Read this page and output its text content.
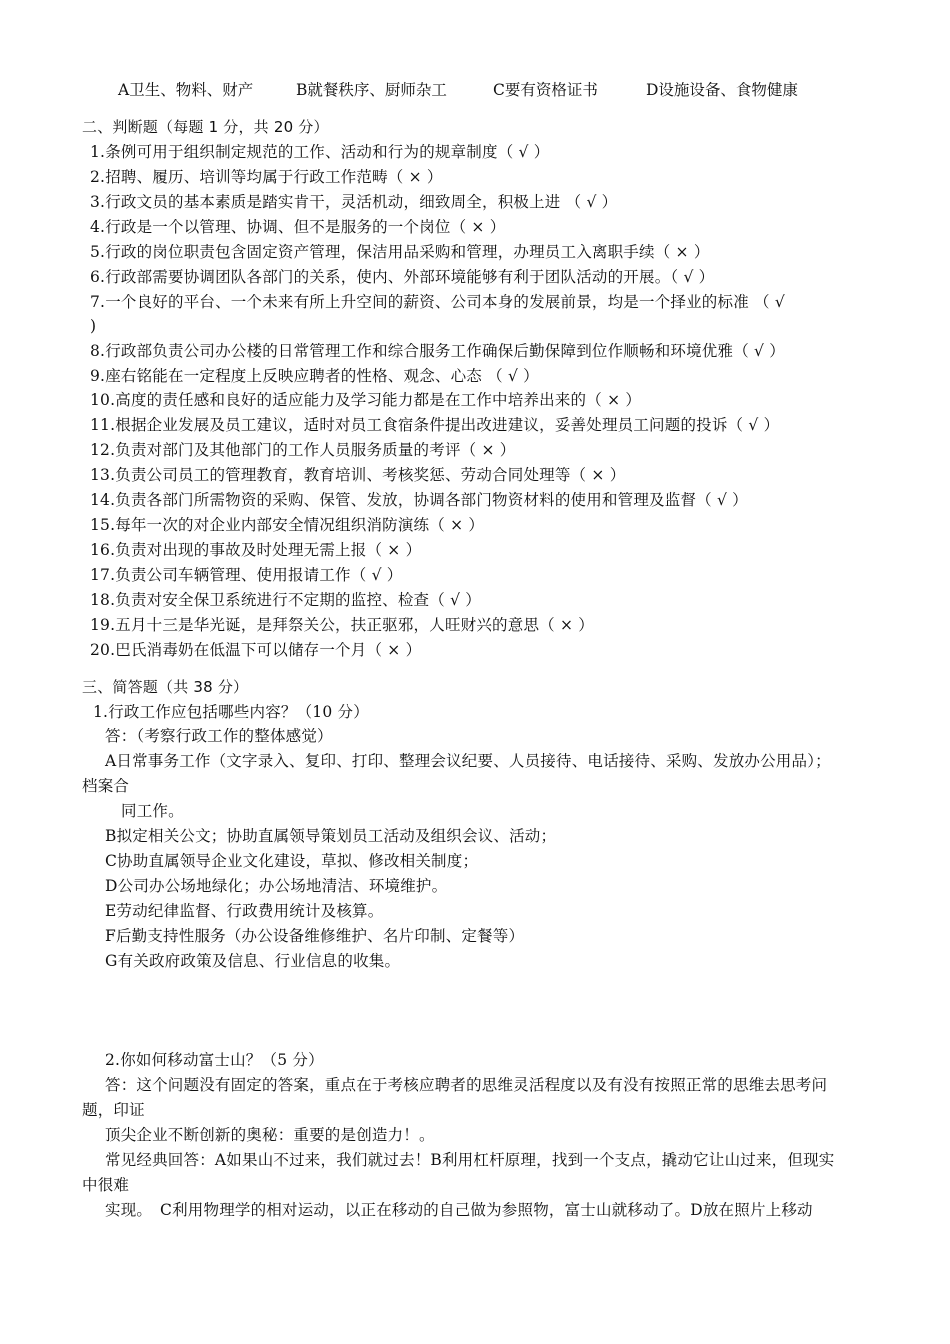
A卫生、物料、财产	B就餐秩序、厨师杂工	C要有资格证书	D设施设备、食物健康
二、判断题（每题 1 分，共 20 分）
1.条例可用于组织制定规范的工作、活动和行为的规章制度（ √ ）
2.招聘、履历、培训等均属于行政工作范畴（ × ）
3.行政文员的基本素质是踏实肯干，灵活机动，细致周全，积极上进 （ √ ）
4.行政是一个以管理、协调、但不是服务的一个岗位（ × ）
5.行政的岗位职责包含固定资产管理，保洁用品采购和管理，办理员工入离职手续（ × ）
6.行政部需要协调团队各部门的关系，使内、外部环境能够有利于团队活动的开展。（ √ ）
7.一个良好的平台、一个未来有所上升空间的薪资、公司本身的发展前景，均是一个择业的标准 （ √
)
8.行政部负责公司办公楼的日常管理工作和综合服务工作确保后勤保障到位作顺畅和环境优雅（ √ ）
9.座右铭能在一定程度上反映应聘者的性格、观念、心态 （ √ ）
10.高度的责任感和良好的适应能力及学习能力都是在工作中培养出来的（ × ）
11.根据企业发展及员工建议，适时对员工食宿条件提出改进建议，妥善处理员工问题的投诉（ √ ）
12.负责对部门及其他部门的工作人员服务质量的考评（ × ）
13.负责公司员工的管理教育，教育培训、考核奖惩、劳动合同处理等（ × ）
14.负责各部门所需物资的采购、保管、发放，协调各部门物资材料的使用和管理及监督（ √ ）
15.每年一次的对企业内部安全情况组织消防演练（ × ）
16.负责对出现的事故及时处理无需上报（ × ）
17.负责公司车辆管理、使用报请工作（ √ ）
18.负责对安全保卫系统进行不定期的监控、检查（ √ ）
19.五月十三是华光诞，是拜祭关公，扶正驱邪，人旺财兴的意思（ × ）
20.巴氏消毒奶在低温下可以储存一个月（ × ）
三、简答题（共 38 分）
1.行政工作应包括哪些内容？（10 分）
答：（考察行政工作的整体感觉）
A日常事务工作（文字录入、复印、打印、整理会议纪要、人员接待、电话接待、采购、发放办公用品）；
档案合
同工作。
B拟定相关公文；协助直属领导策划员工活动及组织会议、活动；
C协助直属领导企业文化建设，草拟、修改相关制度；
D公司办公场地绿化；办公场地清洁、环境维护。
E劳动纪律监督、行政费用统计及核算。
F后勤支持性服务（办公设备维修维护、名片印制、定餐等）
G有关政府政策及信息、行业信息的收集。
2.你如何移动富士山？（5 分）
答：这个问题没有固定的答案，重点在于考核应聘者的思维灵活程度以及有没有按照正常的思维去思考问
题，印证
顶尖企业不断创新的奥秘：重要的是创造力！。
常见经典回答：A如果山不过来，我们就过去！B利用杠杆原理，找到一个支点，撬动它让山过来，但现实
中很难
实现。　C利用物理学的相对运动，以正在移动的自己做为参照物，富士山就移动了。D放在照片上移动
